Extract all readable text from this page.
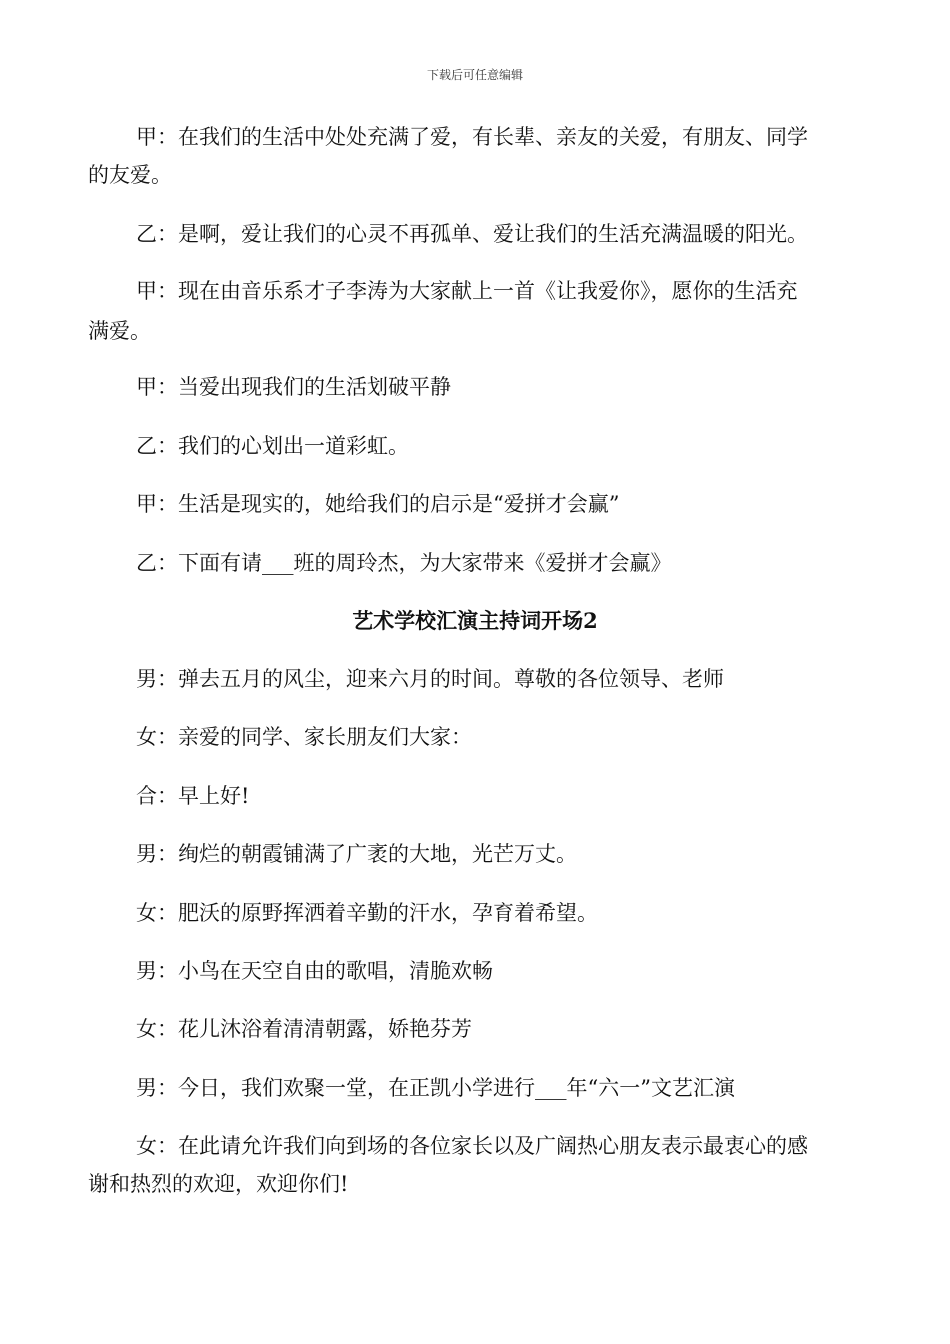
下载后可任意编辑
甲：在我们的生活中处处充满了爱，有长辈、亲友的关爱，有朋友、同学
的友爱。
乙：是啊，爱让我们的心灵不再孤单、爱让我们的生活充满温暖的阳光。
甲：现在由音乐系才子李涛为大家献上一首《让我爱你》，愿你的生活充
满爱。
甲：当爱出现我们的生活划破平静
乙：我们的心划出一道彩虹。
甲：生活是现实的，她给我们的启示是“爱拼才会赢”
乙：下面有请___班的周玲杰，为大家带来《爱拼才会赢》
艺术学校汇演主持词开场2
男：弹去五月的风尘，迎来六月的时间。尊敬的各位领导、老师
女：亲爱的同学、家长朋友们大家：
合：早上好!
男：绚烂的朝霞铺满了广袤的大地，光芒万丈。
女：肥沃的原野挥洒着辛勤的汗水，孕育着希望。
男：小鸟在天空自由的歌唱，清脆欢畅
女：花儿沐浴着清清朝露，娇艳芬芳
男：今日，我们欢聚一堂，在正凯小学进行___年“六一”文艺汇演
女：在此请允许我们向到场的各位家长以及广阔热心朋友表示最衷心的感
谢和热烈的欢迎，欢迎你们!
